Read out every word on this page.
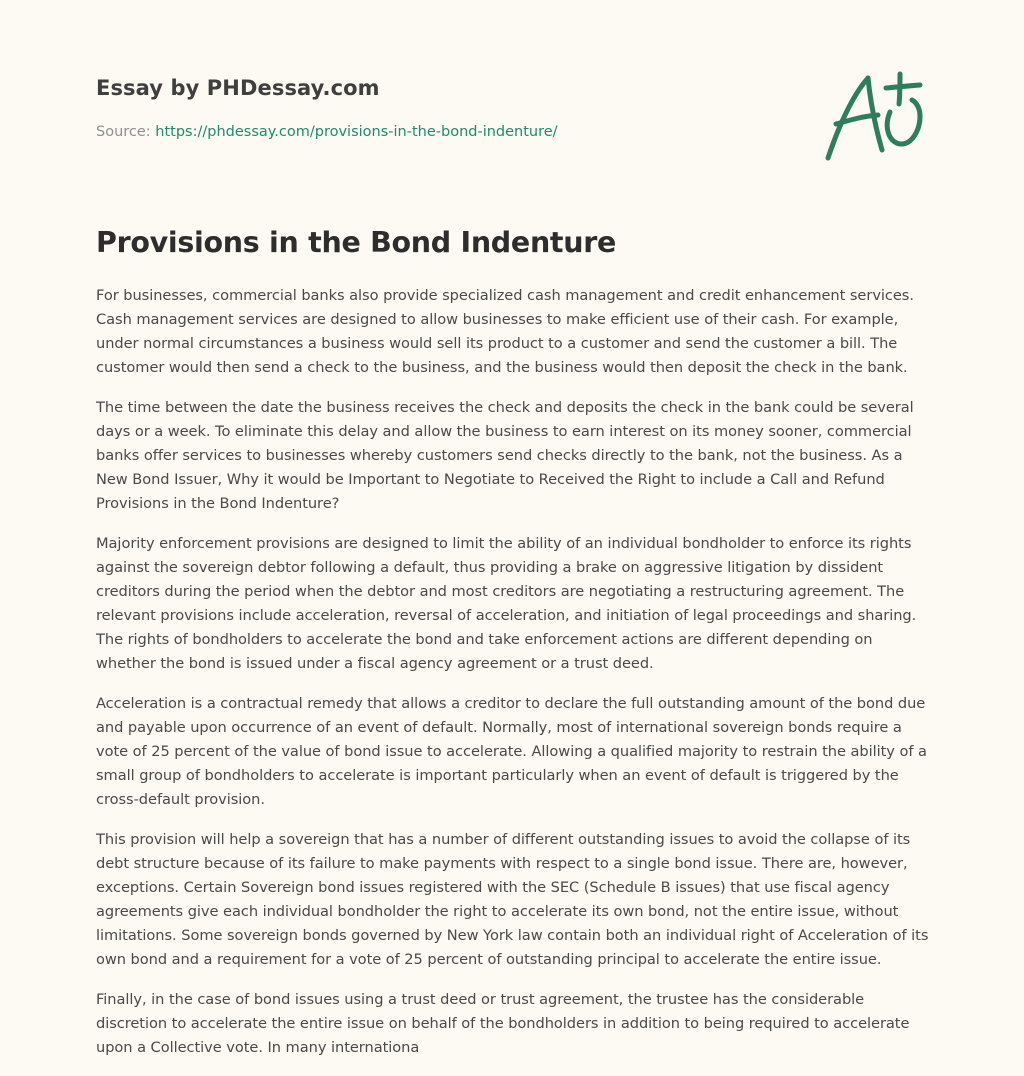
Essay by PHDessay.com
Source: https://phdessay.com/provisions-in-the-bond-indenture/
Provisions in the Bond Indenture

For businesses, commercial banks also provide specialized cash management and credit enhancement services. Cash management services are designed to allow businesses to make efficient use of their cash. For example, under normal circumstances a business would sell its product to a customer and send the customer a bill. The customer would then send a check to the business, and the business would then deposit the check in the bank.

The time between the date the business receives the check and deposits the check in the bank could be several days or a week. To eliminate this delay and allow the business to earn interest on its money sooner, commercial banks offer services to businesses whereby customers send checks directly to the bank, not the business. As a New Bond Issuer, Why it would be Important to Negotiate to Received the Right to include a Call and Refund Provisions in the Bond Indenture?

Majority enforcement provisions are designed to limit the ability of an individual bondholder to enforce its rights against the sovereign debtor following a default, thus providing a brake on aggressive litigation by dissident creditors during the period when the debtor and most creditors are negotiating a restructuring agreement. The relevant provisions include acceleration, reversal of acceleration, and initiation of legal proceedings and sharing. The rights of bondholders to accelerate the bond and take enforcement actions are different depending on whether the bond is issued under a fiscal agency agreement or a trust deed.

Acceleration is a contractual remedy that allows a creditor to declare the full outstanding amount of the bond due and payable upon occurrence of an event of default. Normally, most of international sovereign bonds require a vote of 25 percent of the value of bond issue to accelerate. Allowing a qualified majority to restrain the ability of a small group of bondholders to accelerate is important particularly when an event of default is triggered by the cross-default provision.

This provision will help a sovereign that has a number of different outstanding issues to avoid the collapse of its debt structure because of its failure to make payments with respect to a single bond issue. There are, however, exceptions. Certain Sovereign bond issues registered with the SEC (Schedule B issues) that use fiscal agency agreements give each individual bondholder the right to accelerate its own bond, not the entire issue, without limitations. Some sovereign bonds governed by New York law contain both an individual right of Acceleration of its own bond and a requirement for a vote of 25 percent of outstanding principal to accelerate the entire issue.

Finally, in the case of bond issues using a trust deed or trust agreement, the trustee has the considerable discretion to accelerate the entire issue on behalf of the bondholders in addition to being required to accelerate upon a Collective vote. In many internationa
